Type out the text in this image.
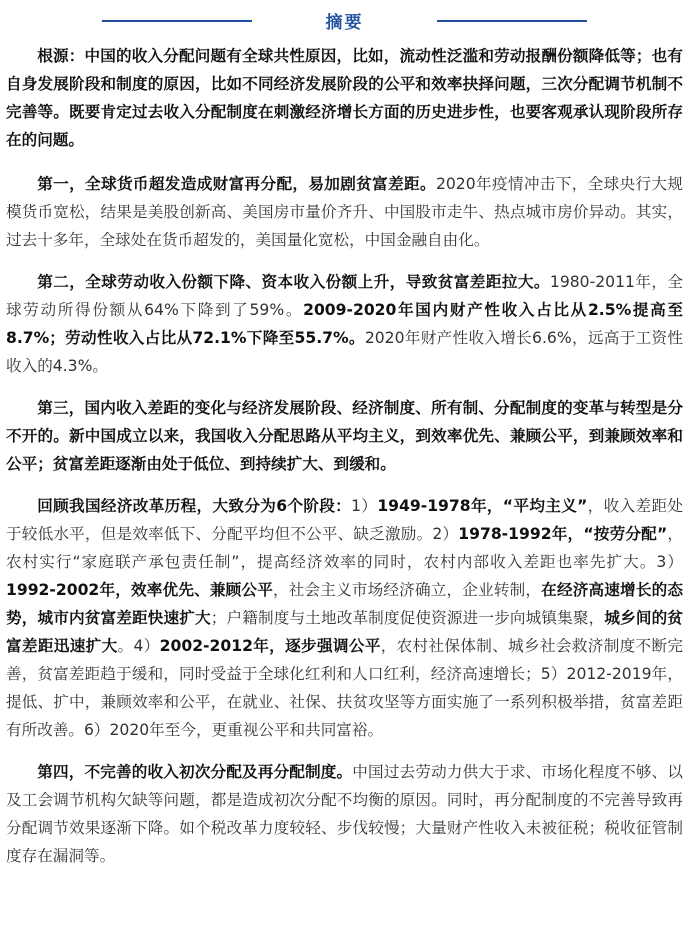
摘要

根源：中国的收入分配问题有全球共性原因，比如，流动性泛滥和劳动报酬份额降低等；也有自身发展阶段和制度的原因，比如不同经济发展阶段的公平和效率抉择问题，三次分配调节机制不完善等。既要肯定过去收入分配制度在刺激经济增长方面的历史进步性，也要客观承认现阶段所存在的问题。

第一，全球货币超发造成财富再分配，易加剧贫富差距。2020年疫情冲击下，全球央行大规模货币宽松，结果是美股创新高、美国房市量价齐升、中国股市走牛、热点城市房价异动。其实，过去十多年，全球处在货币超发的，美国量化宽松，中国金融自由化。

第二，全球劳动收入份额下降、资本收入份额上升，导致贫富差距拉大。1980-2011年，全球劳动所得份额从64%下降到了59%。2009-2020年国内财产性收入占比从2.5%提高至8.7%；劳动性收入占比从72.1%下降至55.7%。2020年财产性收入增长6.6%，远高于工资性收入的4.3%。

第三，国内收入差距的变化与经济发展阶段、经济制度、所有制、分配制度的变革与转型是分不开的。新中国成立以来，我国收入分配思路从平均主义，到效率优先、兼顾公平，到兼顾效率和公平；贫富差距逐渐由处于低位、到持续扩大、到缓和。

回顾我国经济改革历程，大致分为6个阶段：1）1949-1978年，“平均主义”，收入差距处于较低水平，但是效率低下、分配平均但不公平、缺乏激励。2）1978-1992年，“按劳分配”，农村实行“家庭联产承包责任制”，提高经济效率的同时，农村内部收入差距也率先扩大。3）1992-2002年，效率优先、兼顾公平，社会主义市场经济确立，企业转制，在经济高速增长的态势，城市内贫富差距快速扩大；户籍制度与土地改革制度促使资源进一步向城镇集聚，城乡间的贫富差距迅速扩大。4）2002-2012年，逐步强调公平，农村社保体制、城乡社会救济制度不断完善，贫富差距趋于缓和，同时受益于全球化红利和人口红利，经济高速增长；5）2012-2019年，提低、扩中，兼顾效率和公平，在就业、社保、扶贫攻坚等方面实施了一系列积极举措，贫富差距有所改善。6）2020年至今，更重视公平和共同富裕。

第四，不完善的收入初次分配及再分配制度。中国过去劳动力供大于求、市场化程度不够、以及工会调节机构欠缺等问题，都是造成初次分配不均衡的原因。同时，再分配制度的不完善导致再分配调节效果逐渐下降。如个税改革力度较轻、步伐较慢；大量财产性收入未被征税；税收征管制度存在漏洞等。
